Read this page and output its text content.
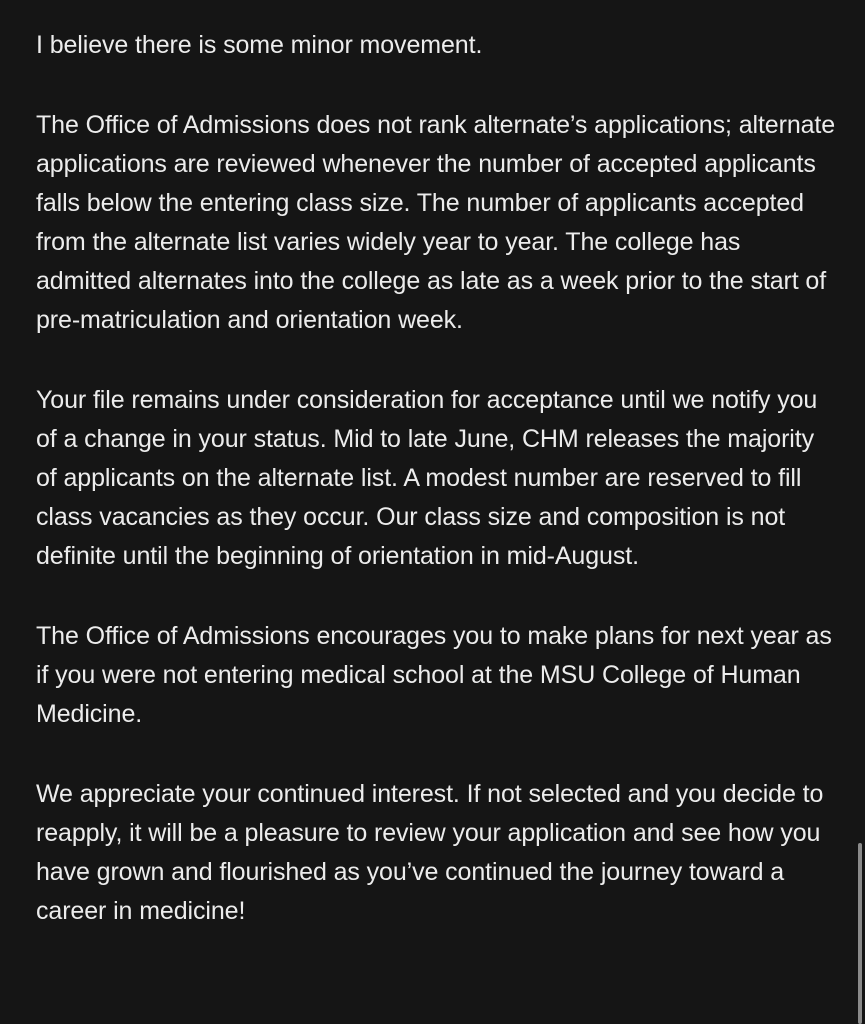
I believe there is some minor movement.

The Office of Admissions does not rank alternate’s applications; alternate applications are reviewed whenever the number of accepted applicants falls below the entering class size. The number of applicants accepted from the alternate list varies widely year to year. The college has admitted alternates into the college as late as a week prior to the start of pre-matriculation and orientation week.

Your file remains under consideration for acceptance until we notify you of a change in your status. Mid to late June, CHM releases the majority of applicants on the alternate list. A modest number are reserved to fill class vacancies as they occur. Our class size and composition is not definite until the beginning of orientation in mid-August.

The Office of Admissions encourages you to make plans for next year as if you were not entering medical school at the MSU College of Human Medicine.

We appreciate your continued interest. If not selected and you decide to reapply, it will be a pleasure to review your application and see how you have grown and flourished as you’ve continued the journey toward a career in medicine!
